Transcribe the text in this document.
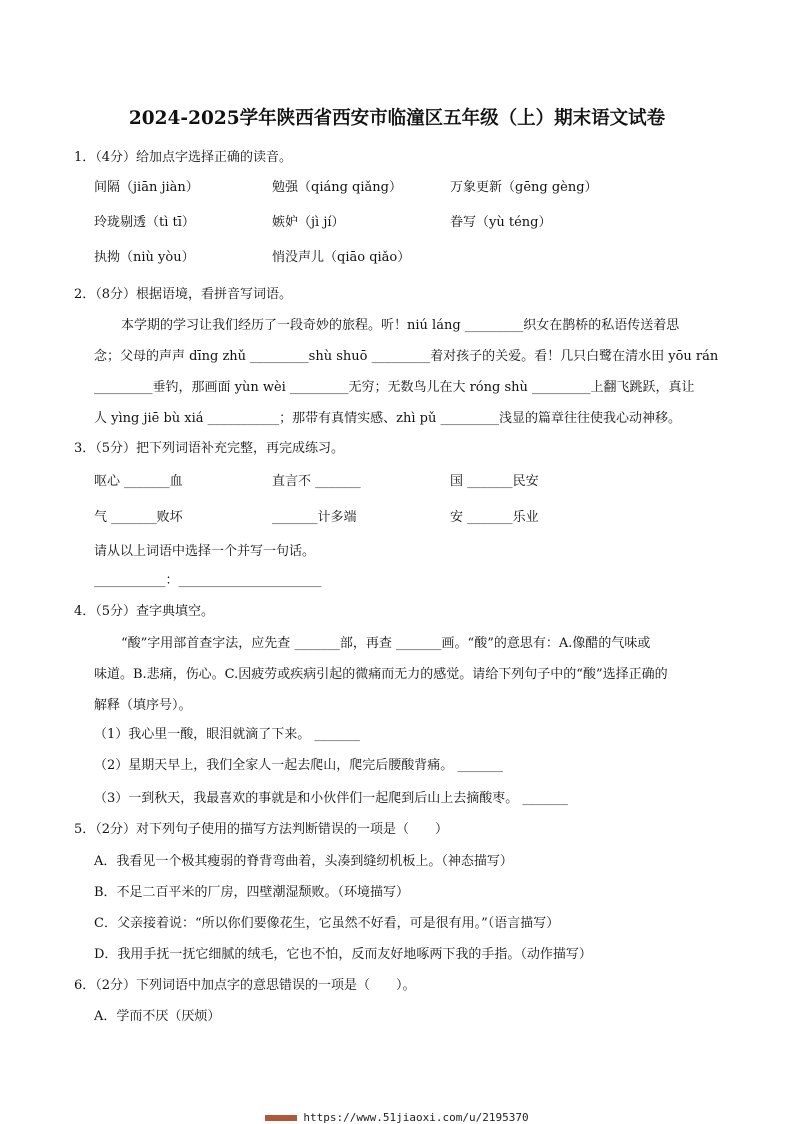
2024-2025学年陕西省西安市临潼区五年级（上）期末语文试卷
1．（4分）给加点字选择正确的读音。
间隔（jiān jiàn）	勉强（qiáng qiǎng）	万象更新（gēng gèng）
玲珑剔透（tì tī）	嫉妒（jì jí）	眷写（yù téng）
执拗（niù yòu）	悄没声儿（qiāo qiǎo）
2．（8分）根据语境，看拼音写词语。
本学期的学习让我们经历了一段奇妙的旅程。听！niú láng _________织女在鹊桥的私语传送着思
念；父母的声声 dīng zhǔ _________shù shuō _________着对孩子的关爱。看！几只白鹭在清水田 yōu rán
_________垂钓，那画面 yùn wèi _________无穷；无数鸟儿在大 róng shù _________上翻飞跳跃，真让
人 yìng jiē bù xiá ___________；那带有真情实感、zhì pǔ _________浅显的篇章往往使我心动神移。
3．（5分）把下列词语补充完整，再完成练习。
呕心 _______血	直言不 _______	国 _______民安
气 _______败坏	_______计多端	安 _______乐业
请从以上词语中选择一个并写一句话。
___________：______________________
4．（5分）查字典填空。
“酸”字用部首查字法，应先查 _______部，再查 _______画。“酸”的意思有：A.像醋的气味或
味道。B.悲痛，伤心。C.因疲劳或疾病引起的微痛而无力的感觉。请给下列句子中的“酸”选择正确的
解释（填序号）。
（1）我心里一酸，眼泪就滴了下来。 _______
（2）星期天早上，我们全家人一起去爬山，爬完后腰酸背痛。 _______
（3）一到秋天，我最喜欢的事就是和小伙伴们一起爬到后山上去摘酸枣。 _______
5．（2分）对下列句子使用的描写方法判断错误的一项是（　　）
A．我看见一个极其瘦弱的脊背弯曲着，头凑到缝纫机板上。（神态描写）
B．不足二百平米的厂房，四壁潮湿颓败。（环境描写）
C．父亲接着说：“所以你们要像花生，它虽然不好看，可是很有用。”（语言描写）
D．我用手抚一抚它细腻的绒毛，它也不怕，反而友好地啄两下我的手指。（动作描写）
6．（2分）下列词语中加点字的意思错误的一项是（　　）。
A．学而不厌（厌烦）
https://www.51jiaoxi.com/u/2195370
